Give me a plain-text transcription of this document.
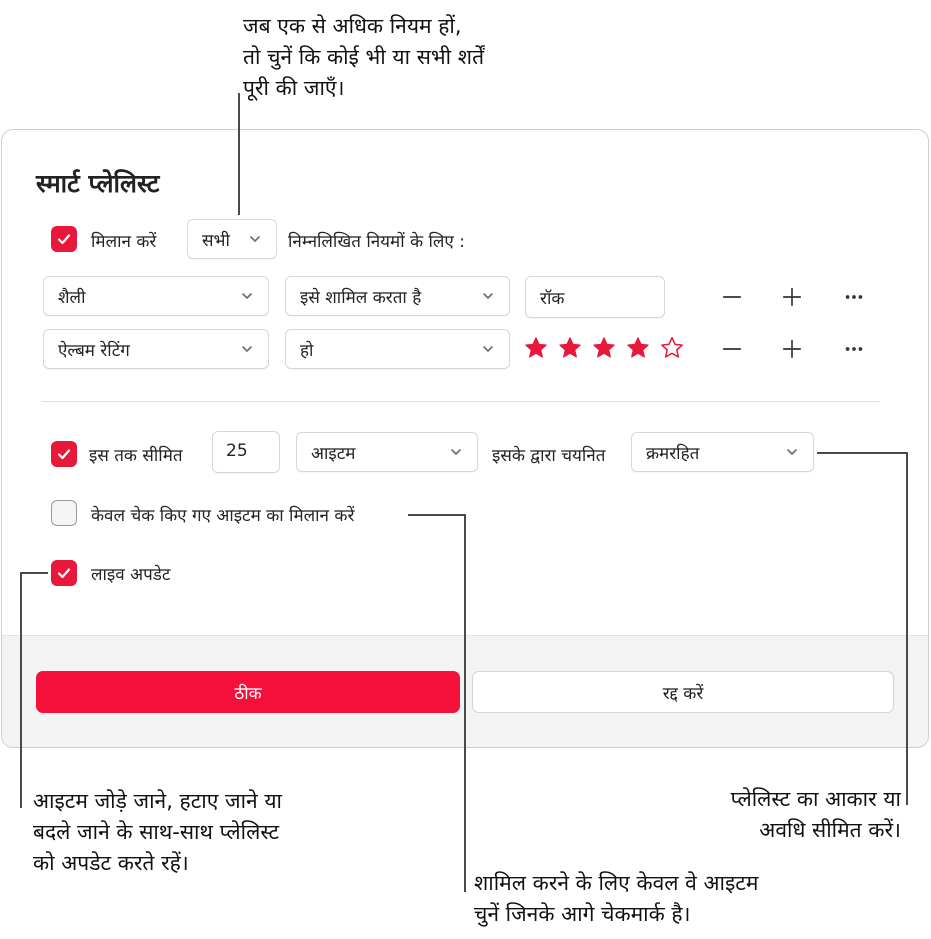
जब एक से अधिक नियम हों,
तो चुनें कि कोई भी या सभी शर्तें
पूरी की जाएँ।
प्लेलिस्ट का आकार या
अवधि सीमित करें।
आइटम जोड़े जाने, हटाए जाने या
बदले जाने के साथ-साथ प्लेलिस्ट
को अपडेट करते रहें।
शामिल करने के लिए केवल वे आइटम
चुनें जिनके आगे चेकमार्क है।
स्मार्ट प्लेलिस्ट
मिलान करें	सभी	निम्नलिखित नियमों के लिए :
शैली	इसे शामिल करता है	रॉक
ऐल्बम रेटिंग	हो
इस तक सीमित	25	आइटम	इसके द्वारा चयनित क्रमरहित
केवल चेक किए गए आइटम का मिलान करें
लाइव अपडेट
ठीक	रद्द करें
